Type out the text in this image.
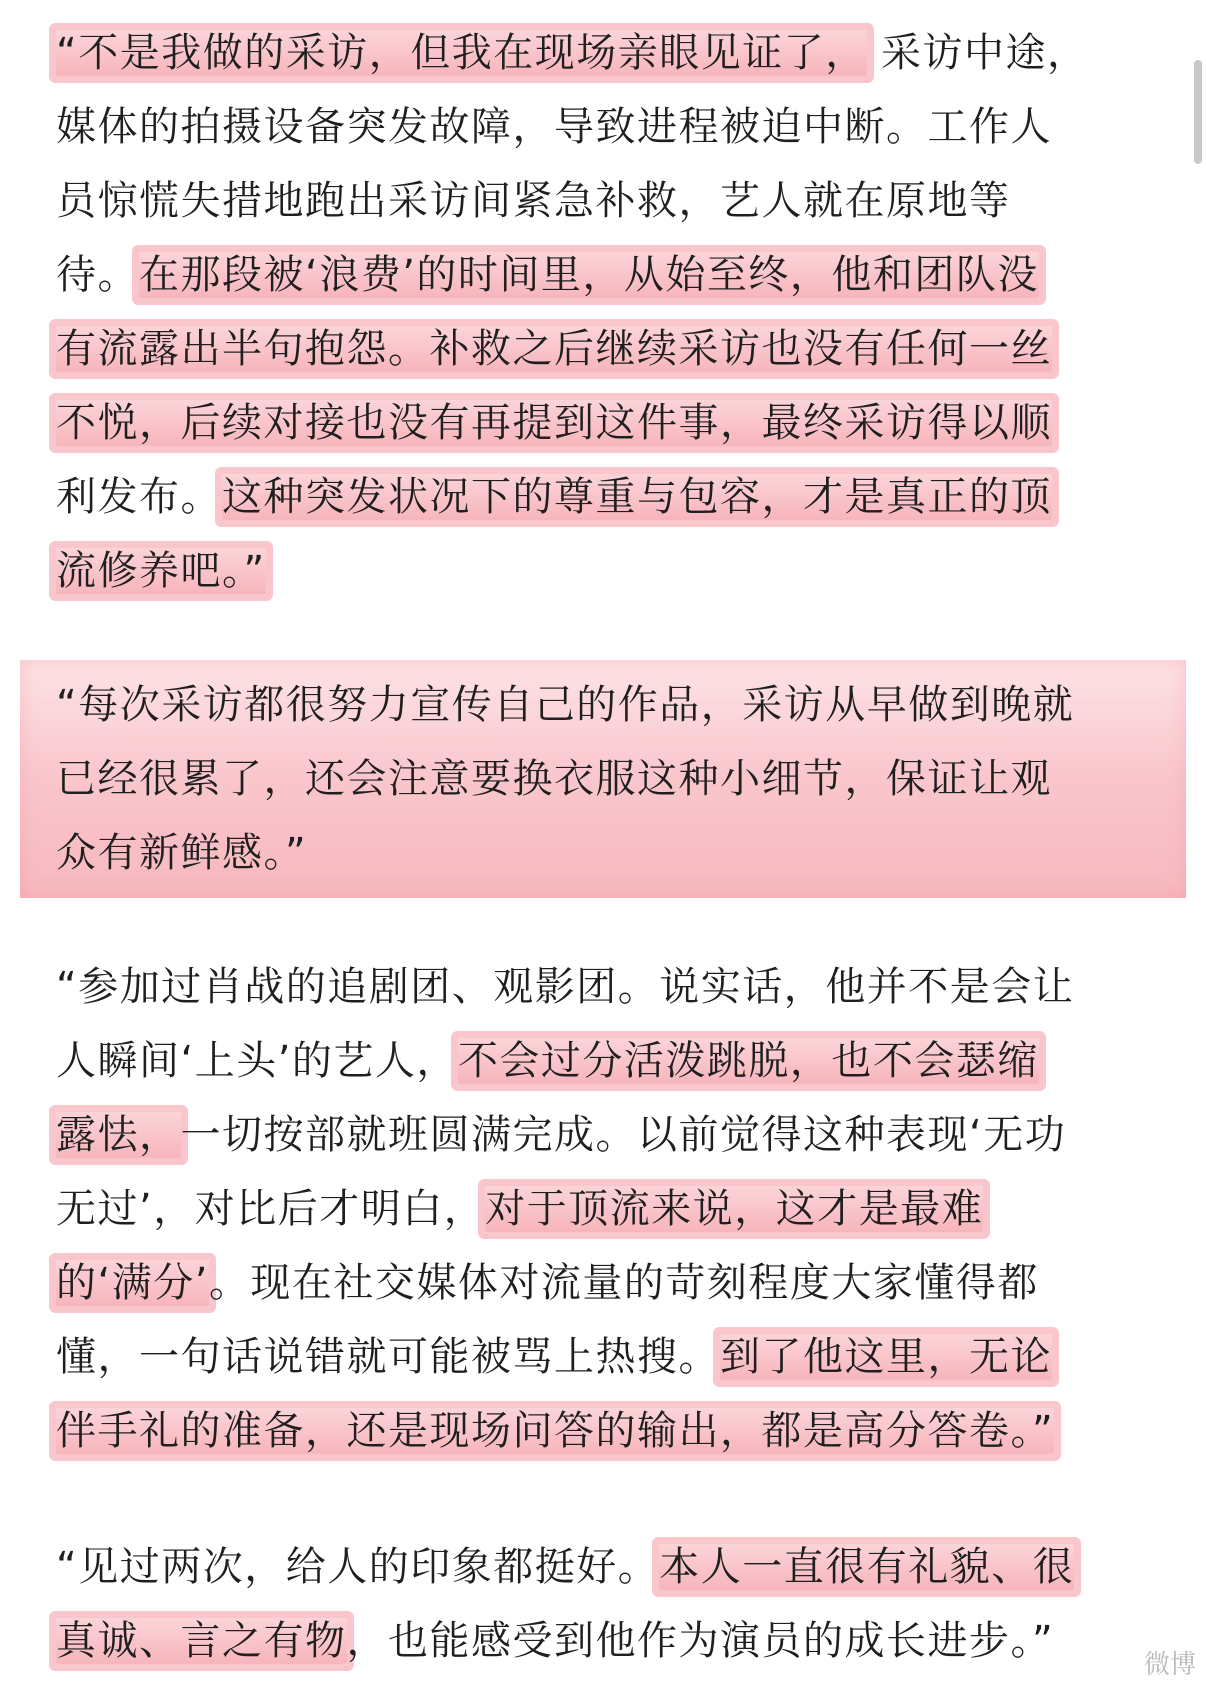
“不是我做的采访，但我在现场亲眼见证了， 采访中途，
媒体的拍摄设备突发故障，导致进程被迫中断。工作人
员惊慌失措地跑出采访间紧急补救，艺人就在原地等
待。在那段被‘浪费’的时间里，从始至终，他和团队没
有流露出半句抱怨。补救之后继续采访也没有任何一丝
不悦，后续对接也没有再提到这件事，最终采访得以顺
利发布。这种突发状况下的尊重与包容，才是真正的顶
流修养吧。”
“每次采访都很努力宣传自己的作品，采访从早做到晚就
已经很累了，还会注意要换衣服这种小细节，保证让观
众有新鲜感。”
“参加过肖战的追剧团、观影团。说实话，他并不是会让
人瞬间‘上头’的艺人，不会过分活泼跳脱，也不会瑟缩
露怯，一切按部就班圆满完成。以前觉得这种表现‘无功
无过’，对比后才明白，对于顶流来说，这才是最难
的‘满分’。现在社交媒体对流量的苛刻程度大家懂得都
懂，一句话说错就可能被骂上热搜。到了他这里，无论
伴手礼的准备，还是现场问答的输出，都是高分答卷。”
“见过两次，给人的印象都挺好。本人一直很有礼貌、很
真诚、言之有物，也能感受到他作为演员的成长进步。”
微博
